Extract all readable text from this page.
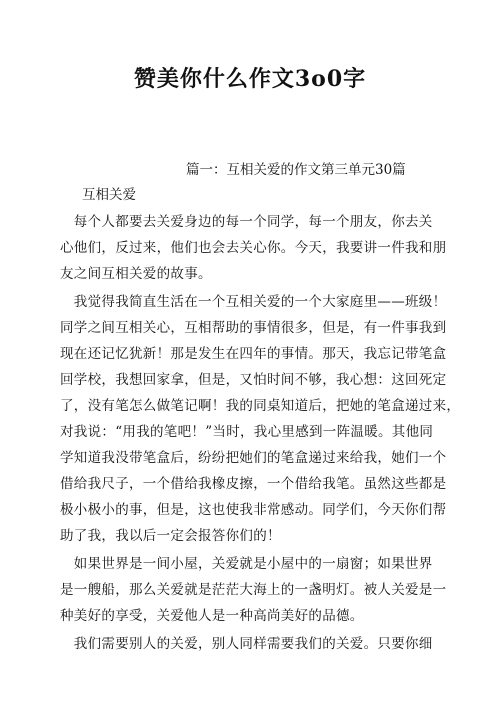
赞美你什么作文3o0字
篇一：互相关爱的作文第三单元30篇
互相关爱
　每个人都要去关爱身边的每一个同学，每一个朋友，你去关
心他们，反过来，他们也会去关心你。今天，我要讲一件我和朋
友之间互相关爱的故事。
　我觉得我简直生活在一个互相关爱的一个大家庭里——班级！
同学之间互相关心，互相帮助的事情很多，但是，有一件事我到
现在还记忆犹新！那是发生在四年的事情。那天，我忘记带笔盒
回学校，我想回家拿，但是，又怕时间不够，我心想：这回死定
了，没有笔怎么做笔记啊！我的同桌知道后，把她的笔盒递过来，
对我说：“用我的笔吧！”当时，我心里感到一阵温暖。其他同
学知道我没带笔盒后，纷纷把她们的笔盒递过来给我，她们一个
借给我尺子，一个借给我橡皮擦，一个借给我笔。虽然这些都是
极小极小的事，但是，这也使我非常感动。同学们，今天你们帮
助了我，我以后一定会报答你们的！
　如果世界是一间小屋，关爱就是小屋中的一扇窗；如果世界
是一艘船，那么关爱就是茫茫大海上的一盏明灯。被人关爱是一
种美好的享受，关爱他人是一种高尚美好的品德。
　我们需要别人的关爱，别人同样需要我们的关爱。只要你细
